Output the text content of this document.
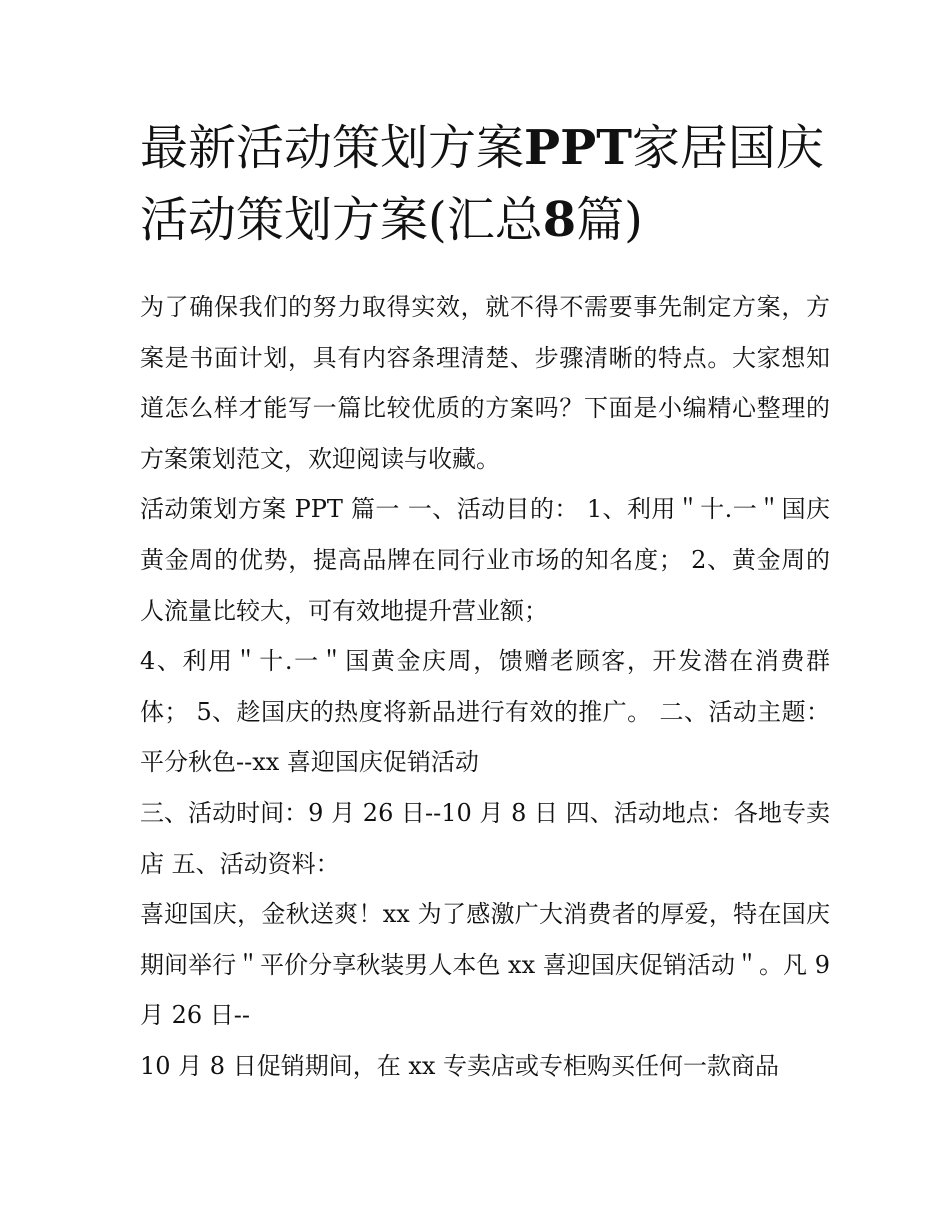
最新活动策划方案PPT家居国庆活动策划方案(汇总8篇)

为了确保我们的努力取得实效，就不得不需要事先制定方案，方案是书面计划，具有内容条理清楚、步骤清晰的特点。大家想知道怎么样才能写一篇比较优质的方案吗？下面是小编精心整理的方案策划范文，欢迎阅读与收藏。

活动策划方案 PPT 篇一 一、活动目的： 1、利用＂十.一＂国庆黄金周的优势，提高品牌在同行业市场的知名度； 2、黄金周的人流量比较大，可有效地提升营业额；

4、利用＂十.一＂国黄金庆周，馈赠老顾客，开发潜在消费群体； 5、趁国庆的热度将新品进行有效的推广。 二、活动主题：平分秋色--xx 喜迎国庆促销活动

三、活动时间：9 月 26 日--10 月 8 日 四、活动地点：各地专卖店 五、活动资料：

喜迎国庆，金秋送爽！xx 为了感激广大消费者的厚爱，特在国庆期间举行＂平价分享秋装男人本色 xx 喜迎国庆促销活动＂。凡 9 月 26 日--

10 月 8 日促销期间，在 xx 专卖店或专柜购买任何一款商品
